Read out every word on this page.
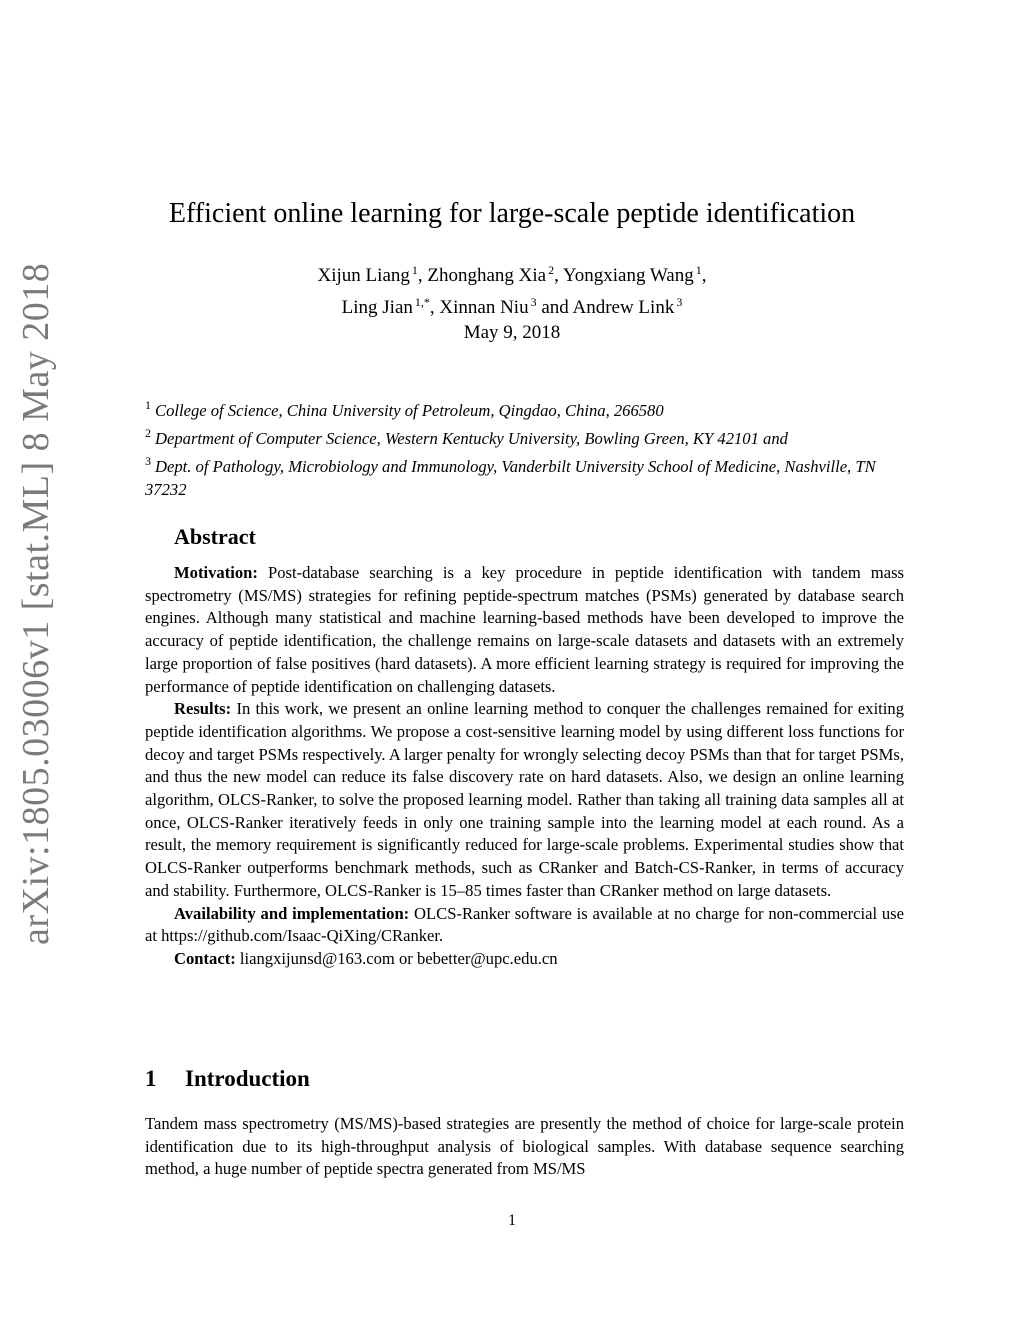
arXiv:1805.03006v1 [stat.ML] 8 May 2018
Efficient online learning for large-scale peptide identification
Xijun Liang $^1$, Zhonghang Xia $^2$, Yongxiang Wang $^1$,
Ling Jian $^{1,*}$, Xinnan Niu $^3$ and Andrew Link $^3$
May 9, 2018
$^1$ College of Science, China University of Petroleum, Qingdao, China, 266580
$^2$ Department of Computer Science, Western Kentucky University, Bowling Green, KY 42101 and
$^3$ Dept. of Pathology, Microbiology and Immunology, Vanderbilt University School of Medicine, Nashville, TN 37232
Abstract

Motivation: Post-database searching is a key procedure in peptide identification with tandem mass spectrometry (MS/MS) strategies for refining peptide-spectrum matches (PSMs) generated by database search engines. Although many statistical and machine learning-based methods have been developed to improve the accuracy of peptide identification, the challenge remains on large-scale datasets and datasets with an extremely large proportion of false positives (hard datasets). A more efficient learning strategy is required for improving the performance of peptide identification on challenging datasets.

Results: In this work, we present an online learning method to conquer the challenges remained for exiting peptide identification algorithms. We propose a cost-sensitive learning model by using different loss functions for decoy and target PSMs respectively. A larger penalty for wrongly selecting decoy PSMs than that for target PSMs, and thus the new model can reduce its false discovery rate on hard datasets. Also, we design an online learning algorithm, OLCS-Ranker, to solve the proposed learning model. Rather than taking all training data samples all at once, OLCS-Ranker iteratively feeds in only one training sample into the learning model at each round. As a result, the memory requirement is significantly reduced for large-scale problems. Experimental studies show that OLCS-Ranker outperforms benchmark methods, such as CRanker and Batch-CS-Ranker, in terms of accuracy and stability. Furthermore, OLCS-Ranker is 15–85 times faster than CRanker method on large datasets.

Availability and implementation: OLCS-Ranker software is available at no charge for non-commercial use at https://github.com/Isaac-QiXing/CRanker.

Contact: liangxijunsd@163.com or bebetter@upc.edu.cn

1 Introduction

Tandem mass spectrometry (MS/MS)-based strategies are presently the method of choice for large-scale protein identification due to its high-throughput analysis of biological samples. With database sequence searching method, a huge number of peptide spectra generated from MS/MS

1
